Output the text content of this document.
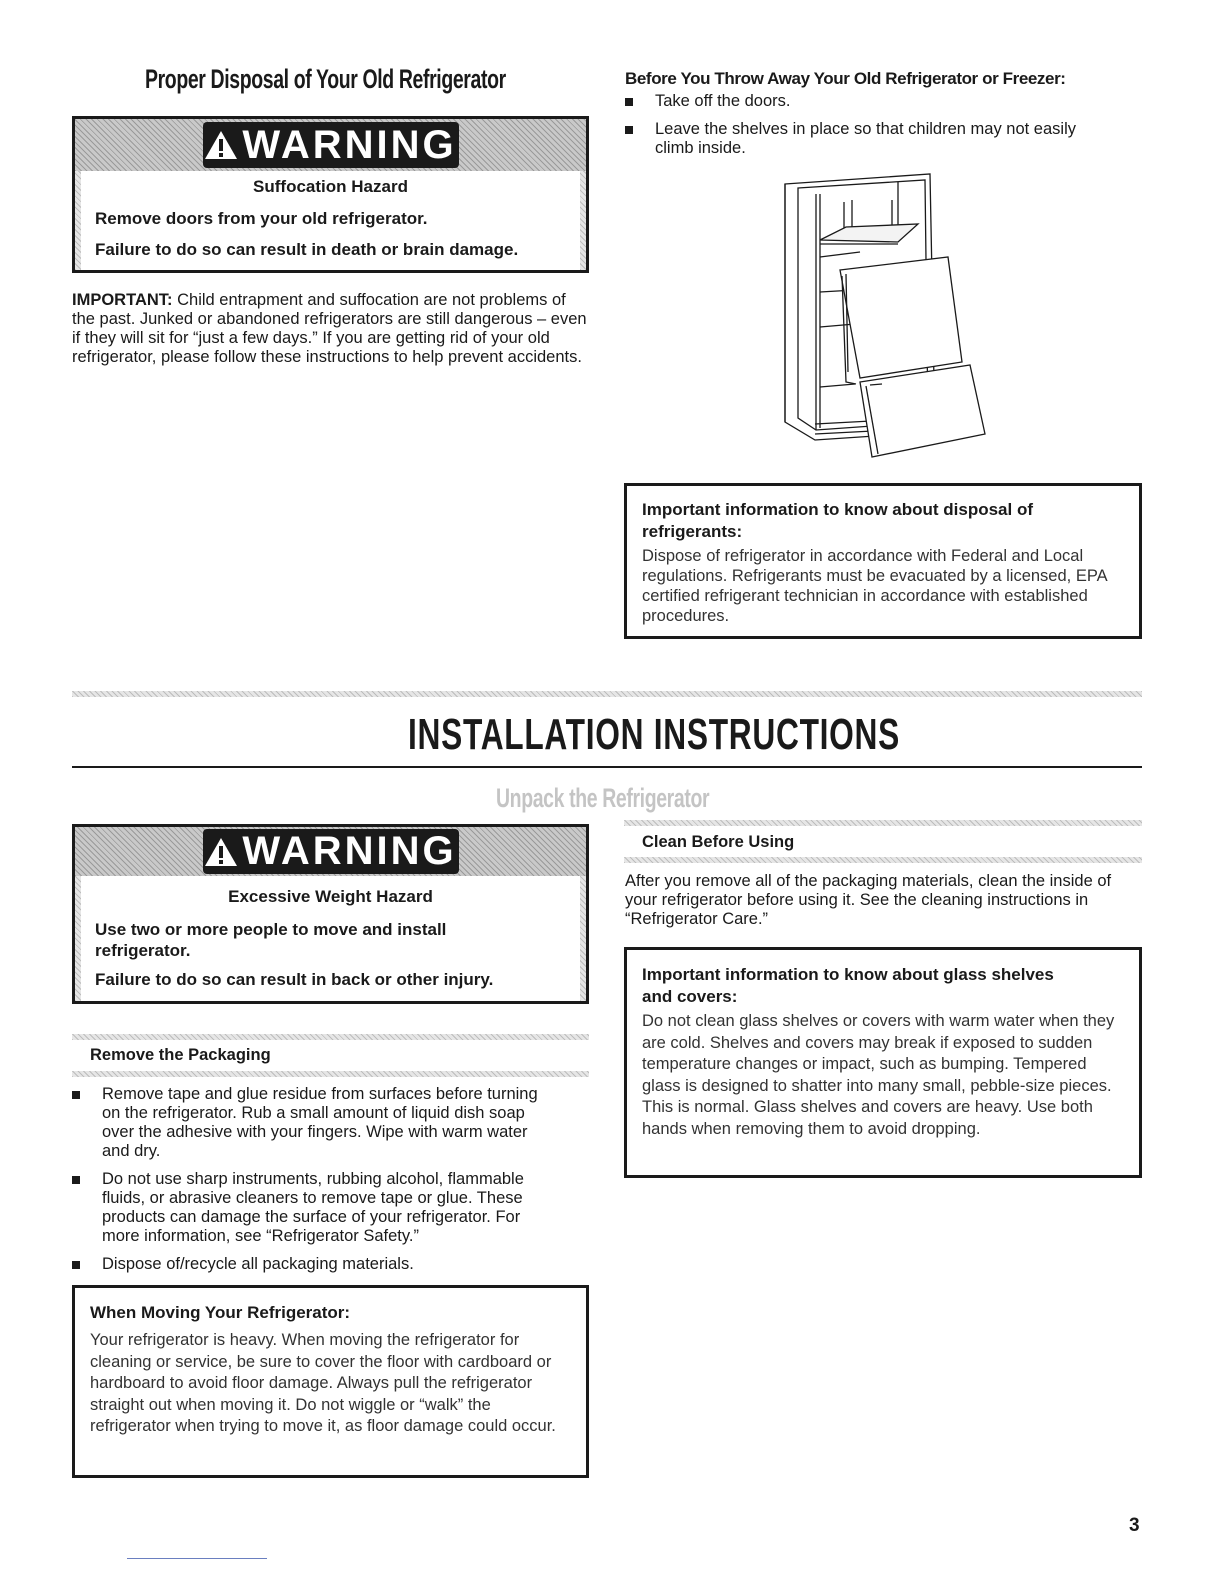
Proper Disposal of Your Old Refrigerator
WARNING
Suffocation Hazard
Remove doors from your old refrigerator.
Failure to do so can result in death or brain damage.
IMPORTANT: Child entrapment and suffocation are not problems of the past. Junked or abandoned refrigerators are still dangerous – even if they will sit for “just a few days.” If you are getting rid of your old refrigerator, please follow these instructions to help prevent accidents.
Before You Throw Away Your Old Refrigerator or Freezer:
Take off the doors.
Leave the shelves in place so that children may not easily climb inside.
Important information to know about disposal of refrigerants:
Dispose of refrigerator in accordance with Federal and Local regulations. Refrigerants must be evacuated by a licensed, EPA certified refrigerant technician in accordance with established procedures.
INSTALLATION INSTRUCTIONS
Unpack the Refrigerator
WARNING
Excessive Weight Hazard
Use two or more people to move and install refrigerator.
Failure to do so can result in back or other injury.
Remove the Packaging
Remove tape and glue residue from surfaces before turning on the refrigerator. Rub a small amount of liquid dish soap over the adhesive with your fingers. Wipe with warm water and dry.
Do not use sharp instruments, rubbing alcohol, flammable fluids, or abrasive cleaners to remove tape or glue. These products can damage the surface of your refrigerator. For more information, see “Refrigerator Safety.”
Dispose of/recycle all packaging materials.
When Moving Your Refrigerator:
Your refrigerator is heavy. When moving the refrigerator for cleaning or service, be sure to cover the floor with cardboard or hardboard to avoid floor damage. Always pull the refrigerator straight out when moving it. Do not wiggle or “walk” the refrigerator when trying to move it, as floor damage could occur.
Clean Before Using
After you remove all of the packaging materials, clean the inside of your refrigerator before using it. See the cleaning instructions in “Refrigerator Care.”
Important information to know about glass shelves and covers:
Do not clean glass shelves or covers with warm water when they are cold. Shelves and covers may break if exposed to sudden temperature changes or impact, such as bumping. Tempered glass is designed to shatter into many small, pebble-size pieces. This is normal. Glass shelves and covers are heavy. Use both hands when removing them to avoid dropping.
3
